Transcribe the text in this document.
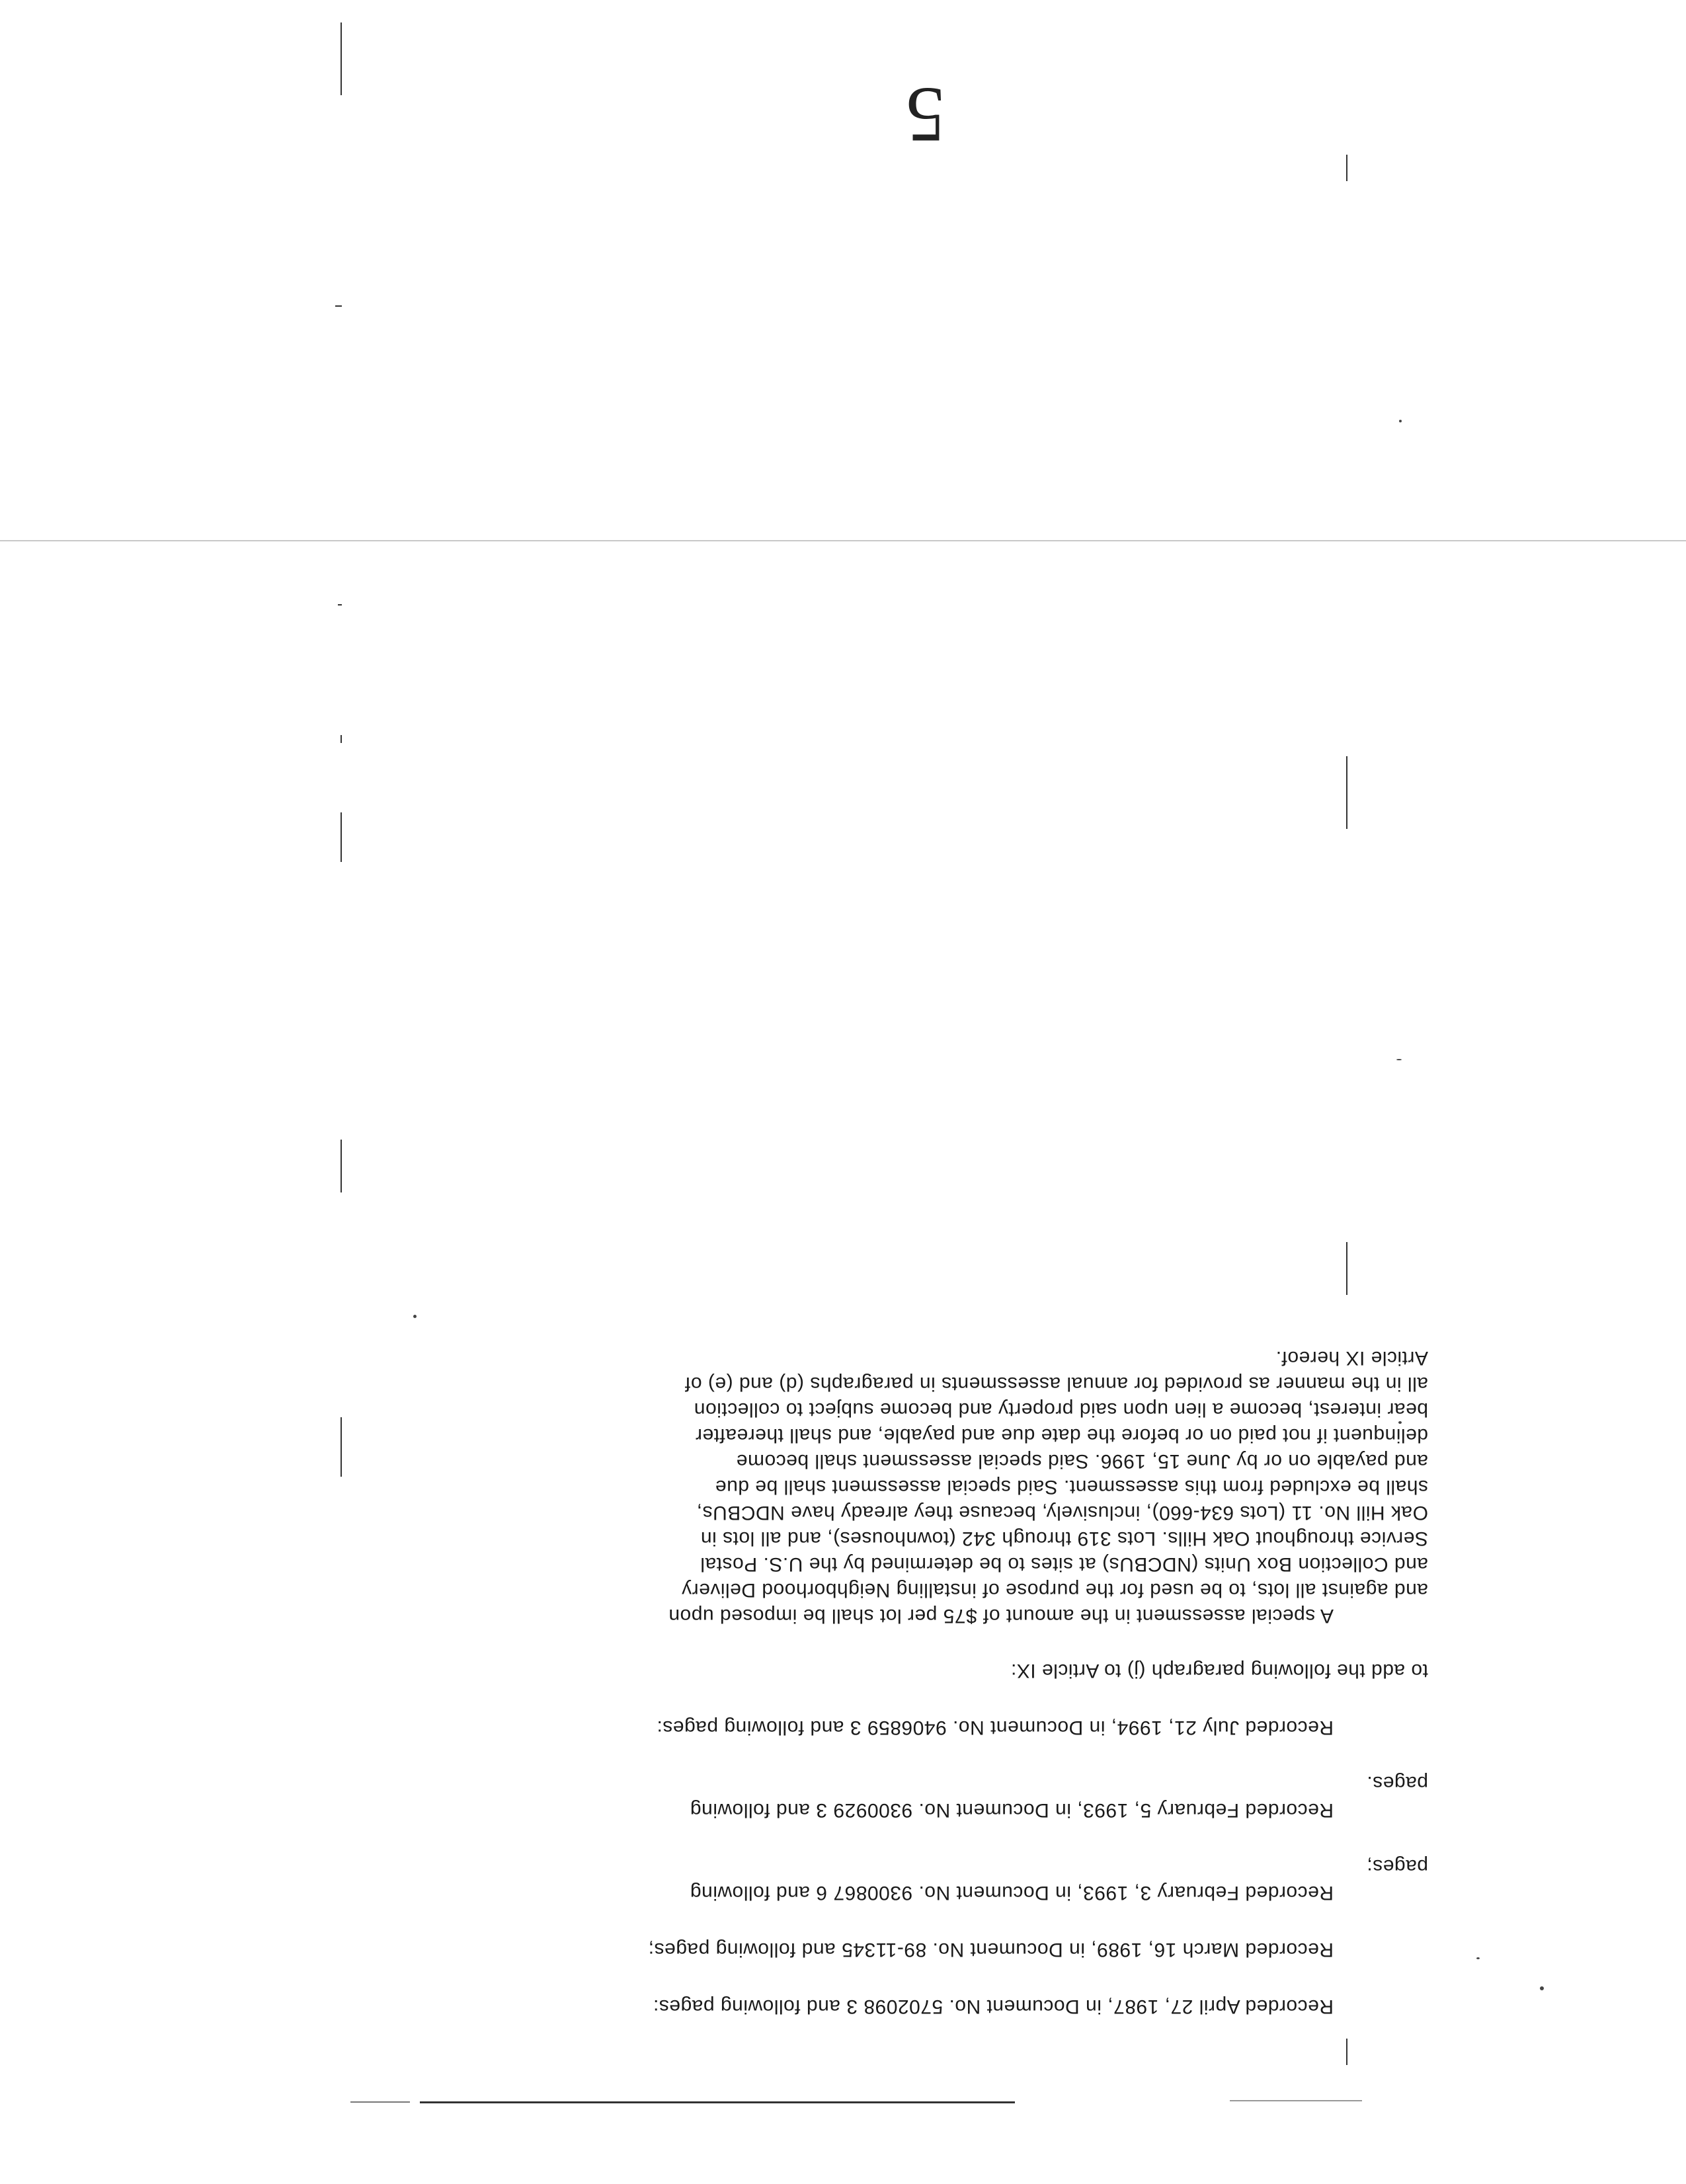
Recorded April 27, 1987, in Document No. 5702098 3 and following pages:
Recorded March 16, 1989, in Document No. 89-11345 and following pages;
Recorded February 3, 1993, in Document No. 9300867 6 and following
pages;
Recorded February 5, 1993, in Document No. 9300929 3 and following
pages.
Recorded July 21, 1994, in Document No. 9406859 3 and following pages:
to add the following paragraph (j) to Article IX:
A special assessment in the amount of $75 per lot shall be imposed upon
and against all lots, to be used for the purpose of installing Neighborhood Delivery
and Collection Box Units (NDCBUs) at sites to be determined by the U.S. Postal
Service throughout Oak Hills. Lots 319 through 342 (townhouses), and all lots in
Oak Hill No. 11 (Lots 634-660), inclusively, because they already have NDCBUs,
shall be excluded from this assessment. Said special assessment shall be due
and payable on or by June 15, 1996. Said special assessment shall become
delinquent if not paid on or before the date due and payable, and shall thereafter
bear interest, become a lien upon said property and become subject to collection
all in the manner as provided for annual assessments in paragraphs (d) and (e) of
Article IX hereof.
5
